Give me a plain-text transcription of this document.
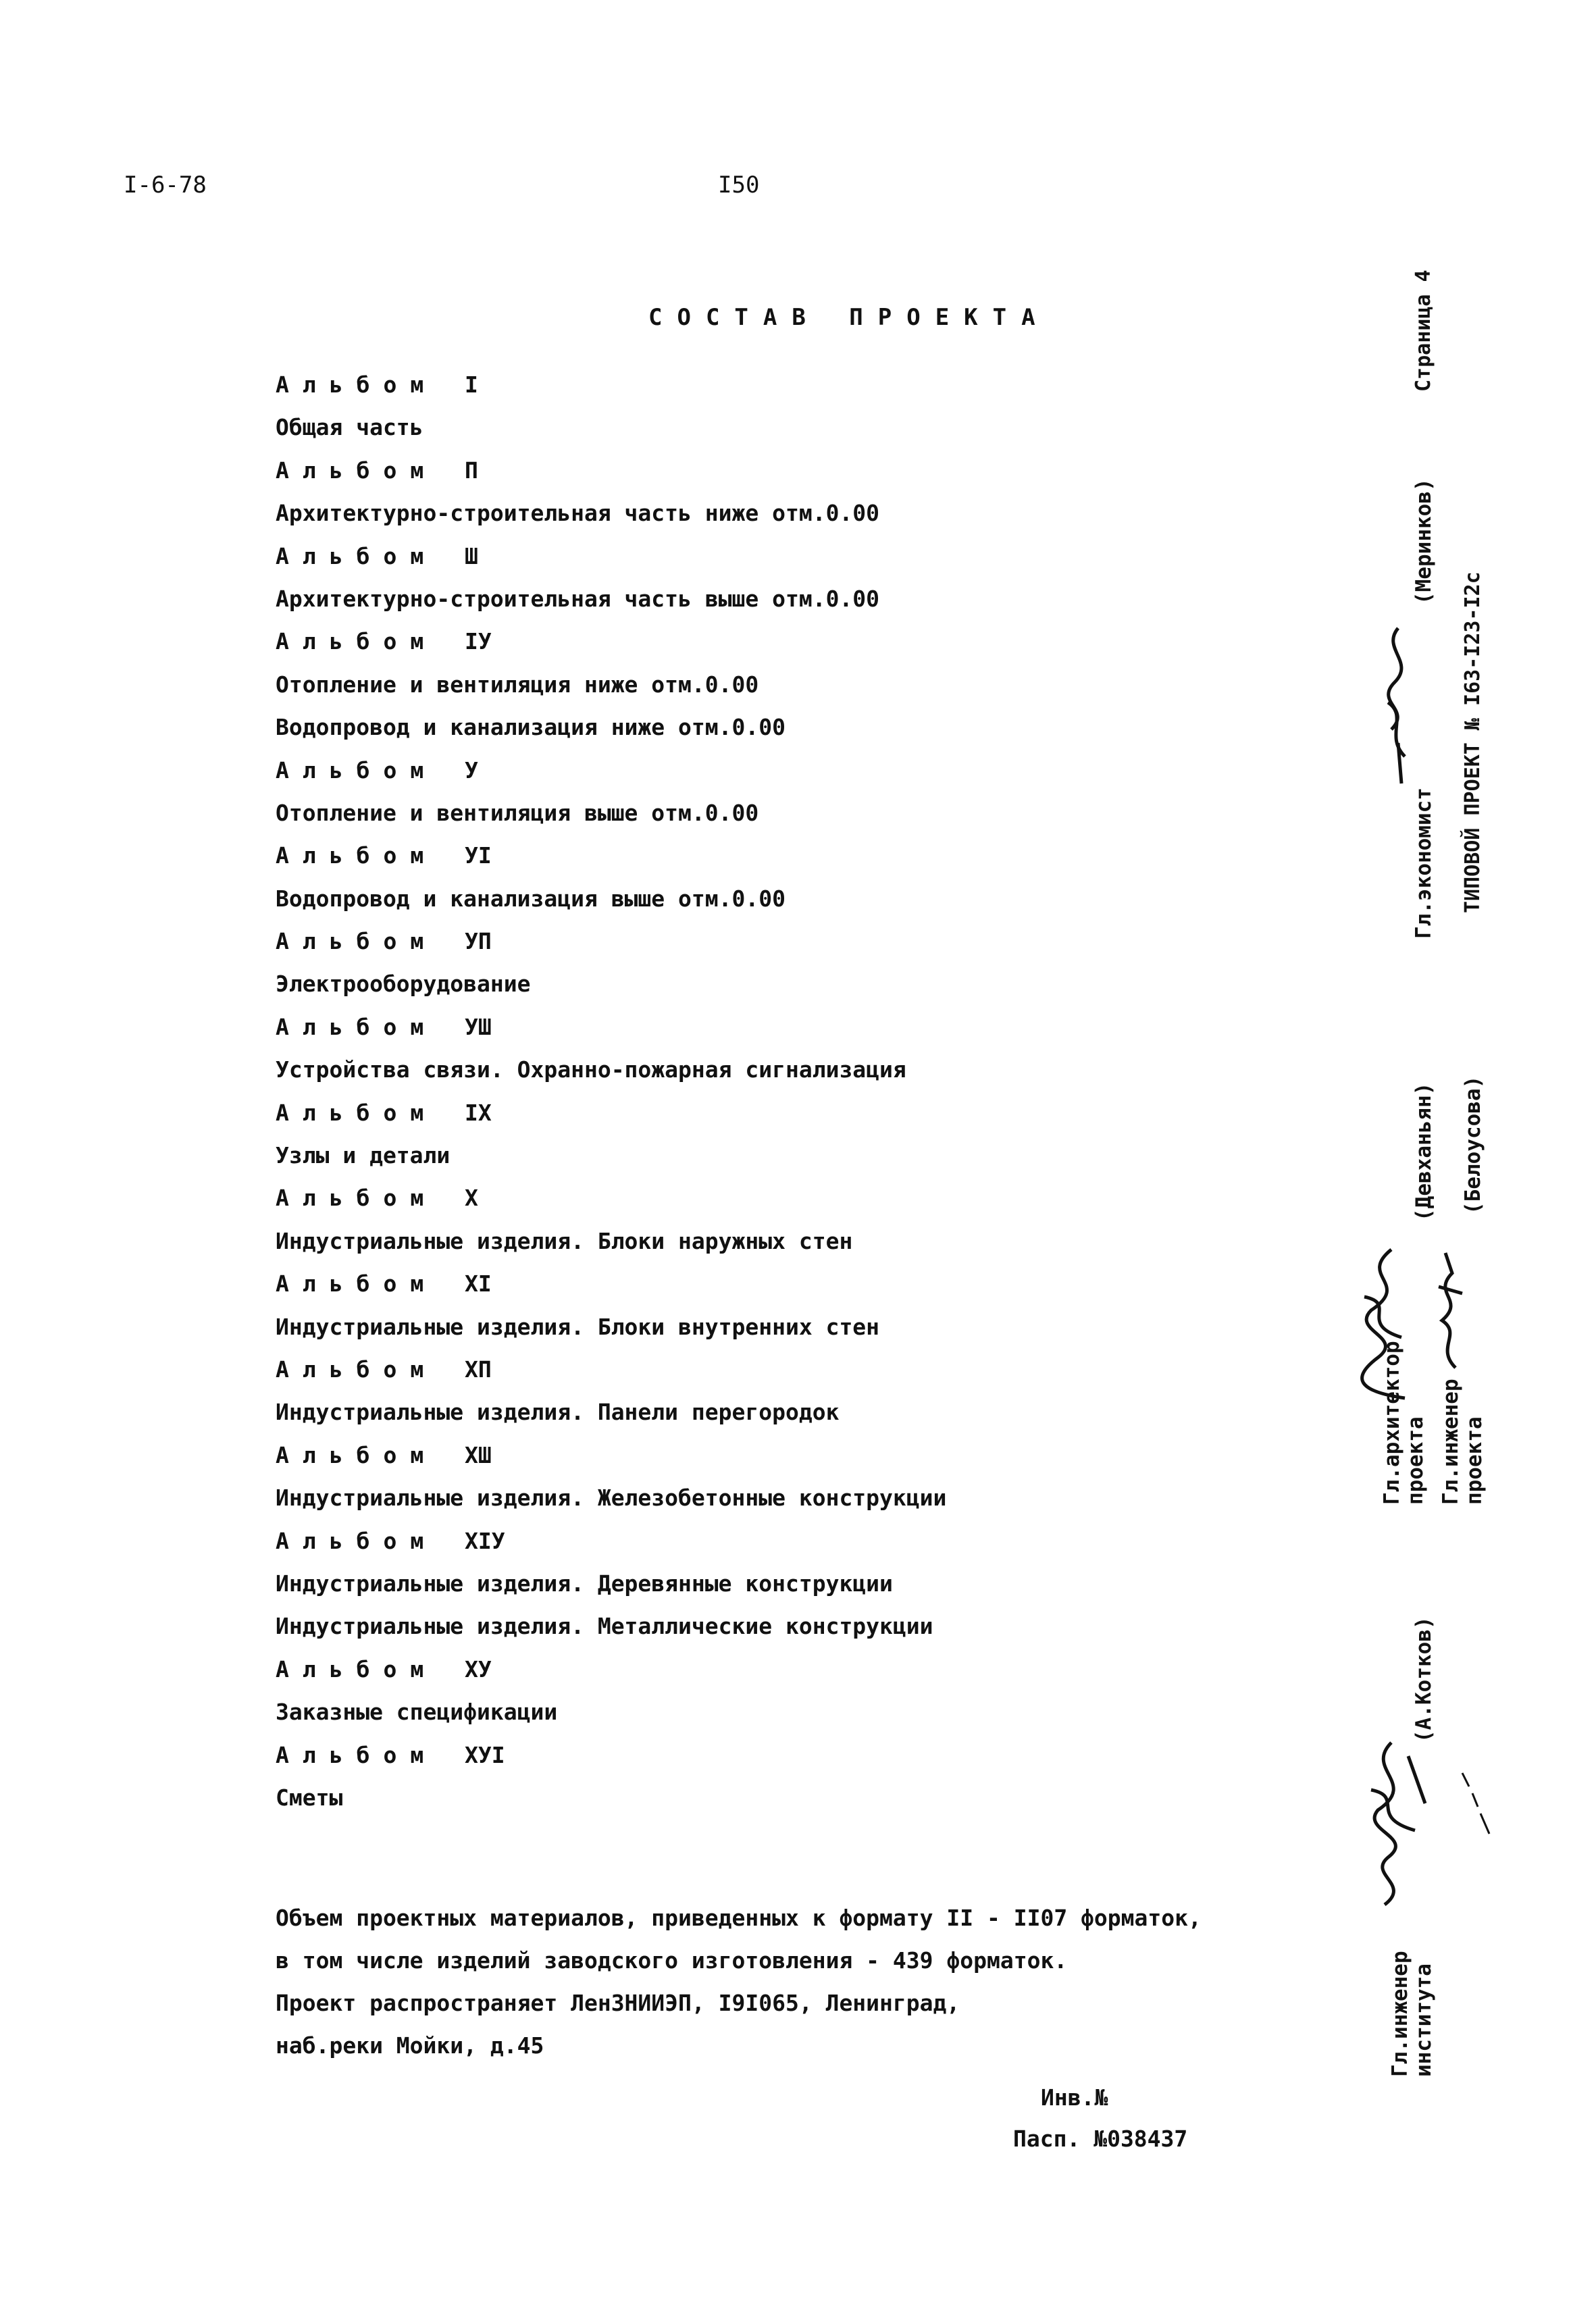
I-6-78	I50
СОСТАВ ПРОЕКТА
Альбом I
Общая часть
Альбом П
Архитектурно-строительная часть ниже отм.0.00
Альбом Ш
Архитектурно-строительная часть выше отм.0.00
Альбом IУ
Отопление и вентиляция ниже отм.0.00
Водопровод и канализация ниже отм.0.00
Альбом У
Отопление и вентиляция выше отм.0.00
Альбом УI
Водопровод и канализация выше отм.0.00
Альбом УП
Электрооборудование
Альбом УШ
Устройства связи. Охранно-пожарная сигнализация
Альбом IX
Узлы и детали
Альбом X
Индустриальные изделия. Блоки наружных стен
Альбом XI
Индустриальные изделия. Блоки внутренних стен
Альбом XП
Индустриальные изделия. Панели перегородок
Альбом XШ
Индустриальные изделия. Железобетонные конструкции
Альбом XIУ
Индустриальные изделия. Деревянные конструкции
Индустриальные изделия. Металлические конструкции
Альбом XУ
Заказные спецификации
Альбом XУI
Сметы
Объем проектных материалов, приведенных к формату II - II07 форматок,
в том числе изделий заводского изготовления - 439 форматок.
Проект распространяет ЛенЗНИИЭП, I9I065, Ленинград,
наб.реки Мойки, д.45
Инв.№
Пасп. №038437
Страница 4
ТИПОВОЙ ПРОЕКТ № I63-I23-I2с
Гл.экономист
(Меринков)
Гл.архитектор проекта
(Девханьян)
Гл.инженер проекта
(Белоусова)
Гл.инженер института
(А.Котков)
